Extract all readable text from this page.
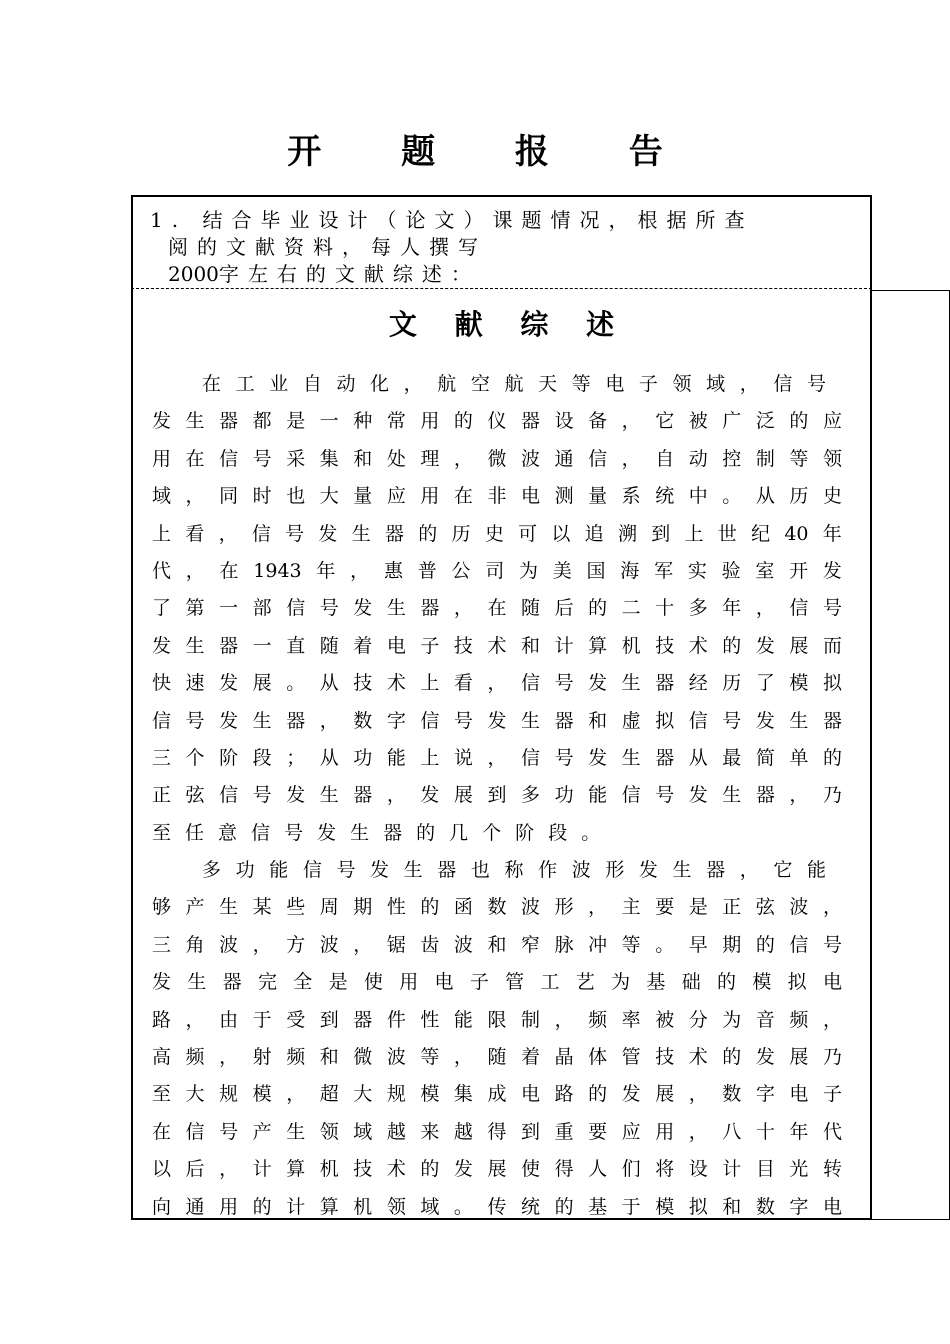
开 题 报 告
1. 结合毕业设计（论文）课题情况，根据所查
阅的文献资料，每人撰写
2000字左右的文献综述：
文 献 综 述
在 工 业 自 动 化 ， 航 空 航 天 等 电 子 领 域 ， 信 号
发 生 器 都 是 一 种 常 用 的 仪 器 设 备 ， 它 被 广 泛 的 应
用 在 信 号 采 集 和 处 理 ， 微 波 通 信 ， 自 动 控 制 等 领
域 ， 同 时 也 大 量 应 用 在 非 电 测 量 系 统 中 。 从 历 史
上 看 ， 信 号 发 生 器 的 历 史 可 以 追 溯 到 上 世 纪 40 年
代 ， 在 1943 年 ， 惠 普 公 司 为 美 国 海 军 实 验 室 开 发
了 第 一 部 信 号 发 生 器 ， 在 随 后 的 二 十 多 年 ， 信 号
发 生 器 一 直 随 着 电 子 技 术 和 计 算 机 技 术 的 发 展 而
快 速 发 展 。 从 技 术 上 看 ， 信 号 发 生 器 经 历 了 模 拟
信 号 发 生 器 ， 数 字 信 号 发 生 器 和 虚 拟 信 号 发 生 器
三 个 阶 段 ； 从 功 能 上 说 ， 信 号 发 生 器 从 最 简 单 的
正 弦 信 号 发 生 器 ， 发 展 到 多 功 能 信 号 发 生 器 ， 乃
至 任 意 信 号 发 生 器 的 几 个 阶 段 。
多 功 能 信 号 发 生 器 也 称 作 波 形 发 生 器 ， 它 能
够 产 生 某 些 周 期 性 的 函 数 波 形 ， 主 要 是 正 弦 波 ，
三 角 波 ， 方 波 ， 锯 齿 波 和 窄 脉 冲 等 。 早 期 的 信 号
发 生 器 完 全 是 使 用 电 子 管 工 艺 为 基 础 的 模 拟 电
路 ， 由 于 受 到 器 件 性 能 限 制 ， 频 率 被 分 为 音 频 ，
高 频 ， 射 频 和 微 波 等 ， 随 着 晶 体 管 技 术 的 发 展 乃
至 大 规 模 ， 超 大 规 模 集 成 电 路 的 发 展 ， 数 字 电 子
在 信 号 产 生 领 域 越 来 越 得 到 重 要 应 用 ， 八 十 年 代
以 后 ， 计 算 机 技 术 的 发 展 使 得 人 们 将 设 计 目 光 转
向 通 用 的 计 算 机 领 域 。 传 统 的 基 于 模 拟 和 数 字 电
